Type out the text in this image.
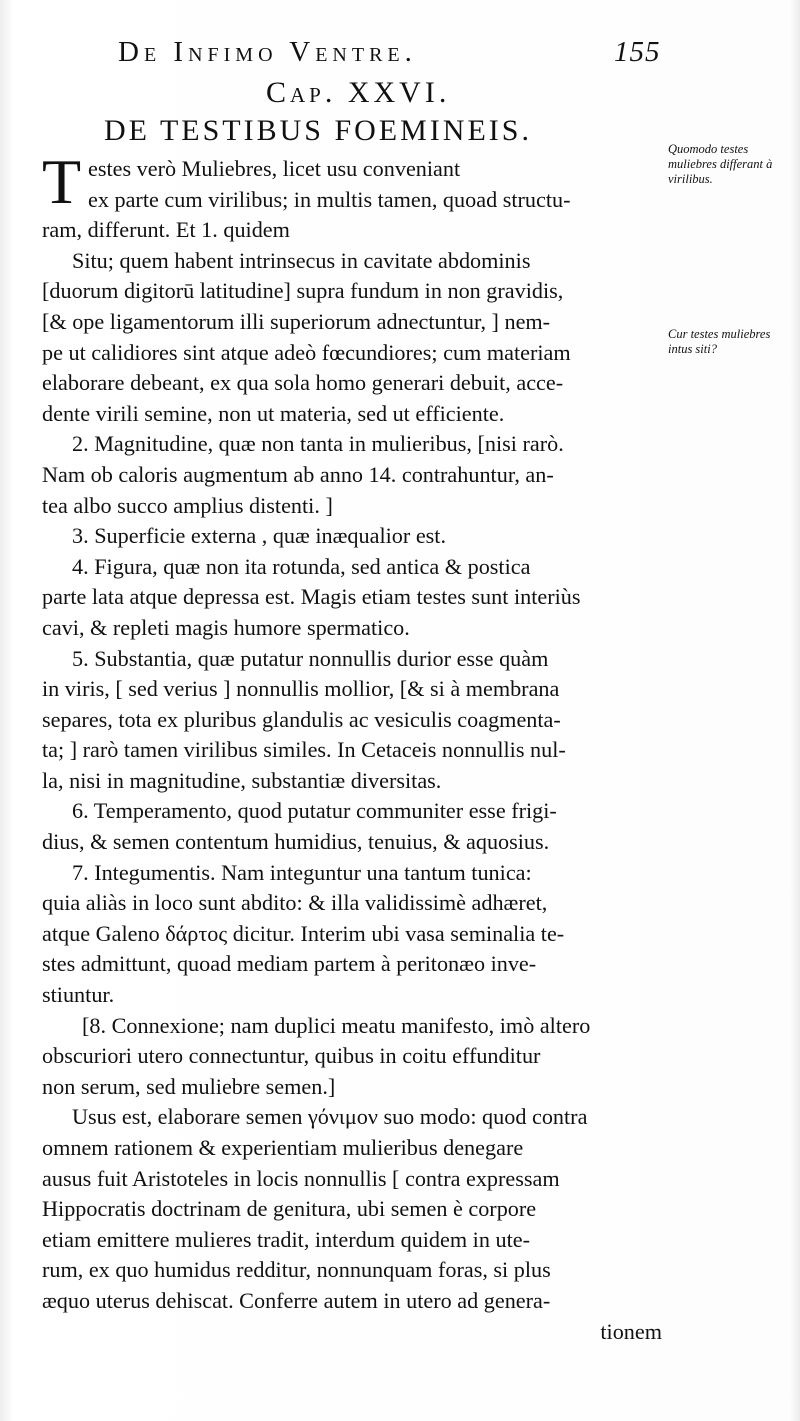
De Infimo Ventre.	155
Cap. XXVI.
DE TESTIBUS FOEMINEIS.
T	Quomodo testes muliebres differant à virilibus.
Cur testes muliebres intus siti?
estes verò Muliebres, licet usu conveniant
ex parte cum virilibus; in multis tamen, quoad structu-
ram, differunt. Et 1. quidem
Situ; quem habent intrinsecus in cavitate abdominis
[duorum digitorū latitudine] supra fundum in non gravidis,
[& ope ligamentorum illi superiorum adnectuntur, ] nem-
pe ut calidiores sint atque adeò fœcundiores; cum materiam
elaborare debeant, ex qua sola homo generari debuit, acce-
dente virili semine, non ut materia, sed ut efficiente.
2. Magnitudine, quæ non tanta in mulieribus, [nisi rarò.
Nam ob caloris augmentum ab anno 14. contrahuntur, an-
tea albo succo amplius distenti. ]
3. Superficie externa , quæ inæqualior est.
4. Figura, quæ non ita rotunda, sed antica & postica
parte lata atque depressa est. Magis etiam testes sunt interiùs
cavi, & repleti magis humore spermatico.
5. Substantia, quæ putatur nonnullis durior esse quàm
in viris, [ sed verius ] nonnullis mollior, [& si à membrana
separes, tota ex pluribus glandulis ac vesiculis coagmenta-
ta; ] rarò tamen virilibus similes. In Cetaceis nonnullis nul-
la, nisi in magnitudine, substantiæ diversitas.
6. Temperamento, quod putatur communiter esse frigi-
dius, & semen contentum humidius, tenuius, & aquosius.
7. Integumentis. Nam integuntur una tantum tunica:
quia aliàs in loco sunt abdito: & illa validissimè adhæret,
atque Galeno δάρτος dicitur. Interim ubi vasa seminalia te-
stes admittunt, quoad mediam partem à peritonæo inve-
stiuntur.
[8. Connexione; nam duplici meatu manifesto, imò altero
obscuriori utero connectuntur, quibus in coitu effunditur
non serum, sed muliebre semen.]
Usus est, elaborare semen γόνιμον suo modo: quod contra
omnem rationem & experientiam mulieribus denegare
ausus fuit Aristoteles in locis nonnullis [ contra expressam
Hippocratis doctrinam de genitura, ubi semen è corpore
etiam emittere mulieres tradit, interdum quidem in ute-
rum, ex quo humidus redditur, nonnunquam foras, si plus
æquo uterus dehiscat. Conferre autem in utero ad genera-
tionem
